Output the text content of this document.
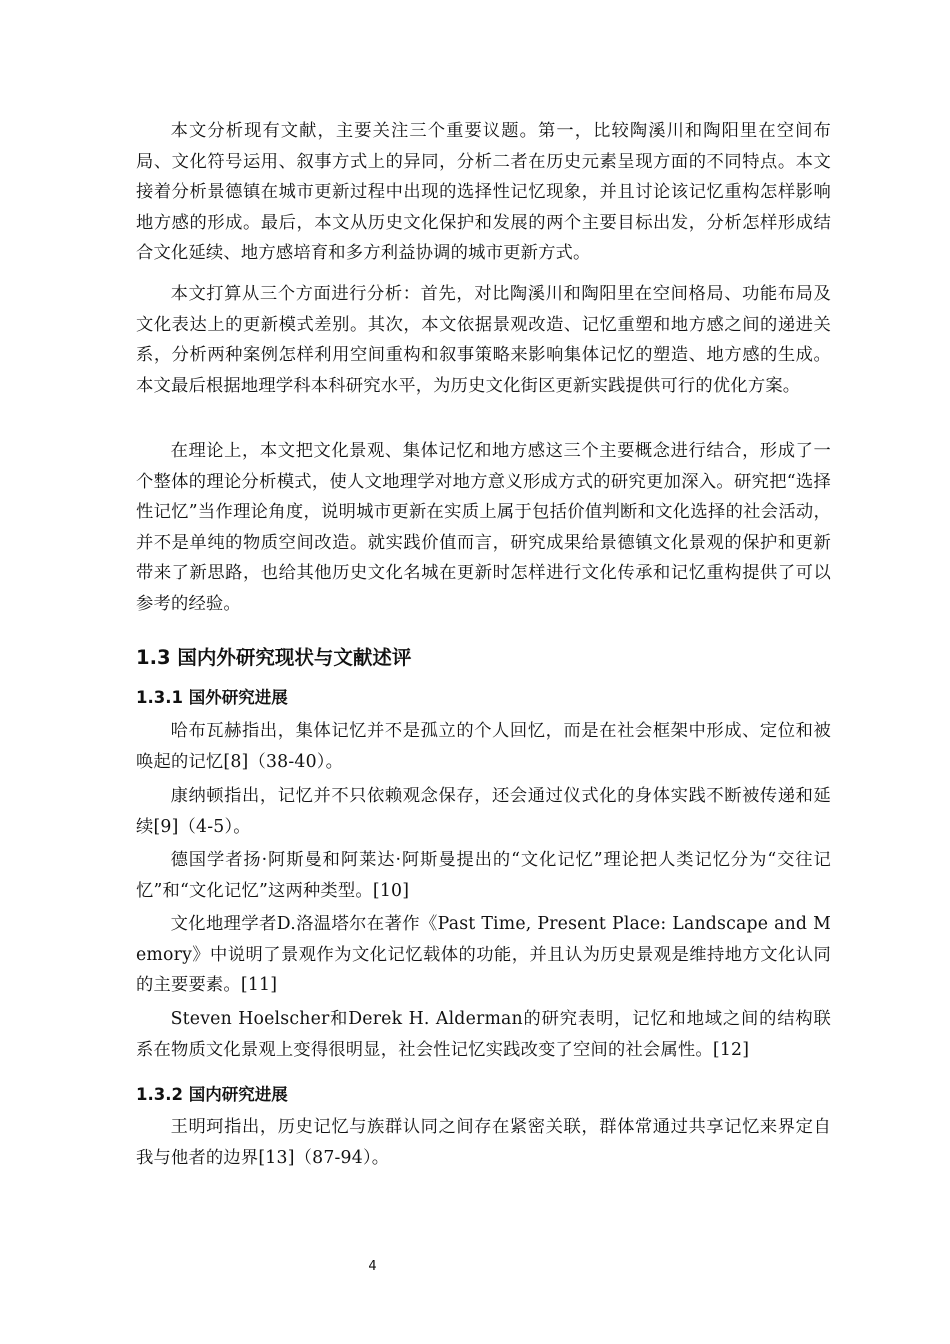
本文分析现有文献，主要关注三个重要议题。第一，比较陶溪川和陶阳里在空间布局、文化符号运用、叙事方式上的异同，分析二者在历史元素呈现方面的不同特点。本文接着分析景德镇在城市更新过程中出现的选择性记忆现象，并且讨论该记忆重构怎样影响地方感的形成。最后，本文从历史文化保护和发展的两个主要目标出发，分析怎样形成结合文化延续、地方感培育和多方利益协调的城市更新方式。

本文打算从三个方面进行分析：首先，对比陶溪川和陶阳里在空间格局、功能布局及文化表达上的更新模式差别。其次，本文依据景观改造、记忆重塑和地方感之间的递进关系，分析两种案例怎样利用空间重构和叙事策略来影响集体记忆的塑造、地方感的生成。本文最后根据地理学科本科研究水平，为历史文化街区更新实践提供可行的优化方案。

在理论上，本文把文化景观、集体记忆和地方感这三个主要概念进行结合，形成了一个整体的理论分析模式，使人文地理学对地方意义形成方式的研究更加深入。研究把“选择性记忆”当作理论角度，说明城市更新在实质上属于包括价值判断和文化选择的社会活动，并不是单纯的物质空间改造。就实践价值而言，研究成果给景德镇文化景观的保护和更新带来了新思路，也给其他历史文化名城在更新时怎样进行文化传承和记忆重构提供了可以参考的经验。

1.3 国内外研究现状与文献述评
1.3.1 国外研究进展

哈布瓦赫指出，集体记忆并不是孤立的个人回忆，而是在社会框架中形成、定位和被唤起的记忆[8]（38-40）。

康纳顿指出，记忆并不只依赖观念保存，还会通过仪式化的身体实践不断被传递和延续[9]（4-5）。

德国学者扬·阿斯曼和阿莱达·阿斯曼提出的“文化记忆”理论把人类记忆分为“交往记忆”和“文化记忆”这两种类型。[10]

文化地理学者D.洛温塔尔在著作《Past Time, Present Place: Landscape and Memory》中说明了景观作为文化记忆载体的功能，并且认为历史景观是维持地方文化认同的主要要素。[11]

Steven Hoelscher和Derek H. Alderman的研究表明，记忆和地域之间的结构联系在物质文化景观上变得很明显，社会性记忆实践改变了空间的社会属性。[12]

1.3.2 国内研究进展

王明珂指出，历史记忆与族群认同之间存在紧密关联，群体常通过共享记忆来界定自我与他者的边界[13]（87-94）。

4
